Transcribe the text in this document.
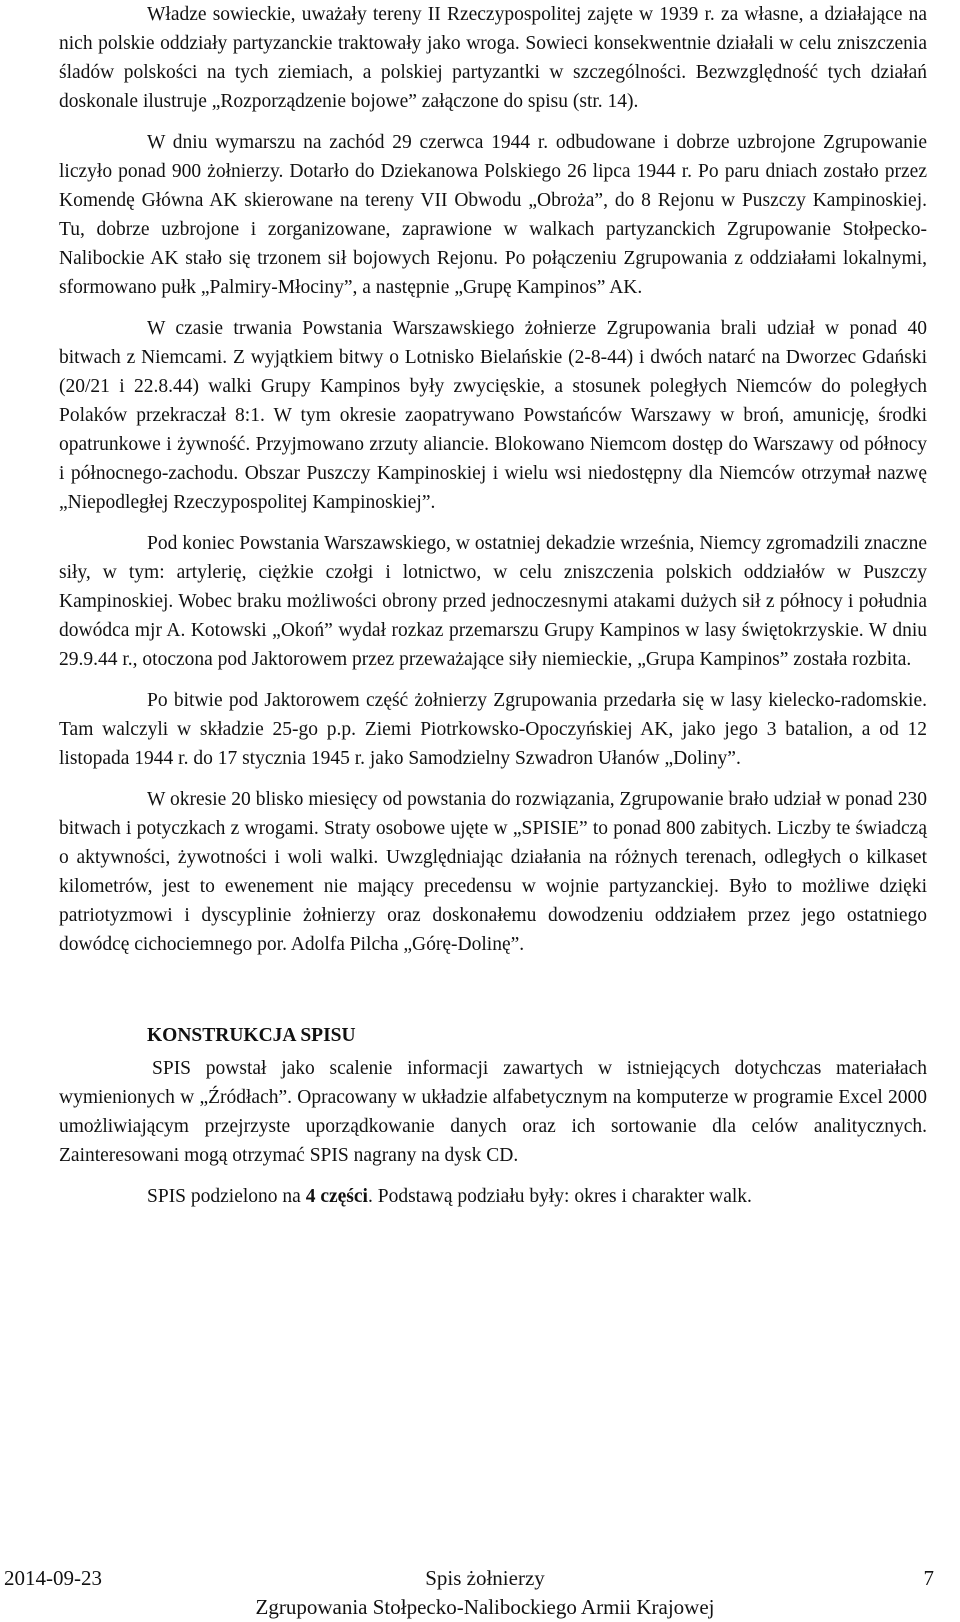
Władze sowieckie, uważały tereny II Rzeczypospolitej zajęte w 1939 r. za własne, a działające na nich polskie oddziały partyzanckie traktowały jako wroga. Sowieci konsekwentnie działali w celu zniszczenia śladów polskości na tych ziemiach, a polskiej partyzantki w szczególności. Bezwzględność tych działań doskonale ilustruje „Rozporządzenie bojowe” załączone do spisu (str. 14).

W dniu wymarszu na zachód 29 czerwca 1944 r. odbudowane i dobrze uzbrojone Zgrupowanie liczyło ponad 900 żołnierzy. Dotarło do Dziekanowa Polskiego 26 lipca 1944 r. Po paru dniach zostało przez Komendę Główna AK skierowane na tereny VII Obwodu „Obroża”, do 8 Rejonu w Puszczy Kampinoskiej. Tu, dobrze uzbrojone i zorganizowane, zaprawione w walkach partyzanckich Zgrupowanie Stołpecko-Nalibockie AK stało się trzonem sił bojowych Rejonu. Po połączeniu Zgrupowania z oddziałami lokalnymi, sformowano pułk „Palmiry-Młociny”, a następnie „Grupę Kampinos” AK.

W czasie trwania Powstania Warszawskiego żołnierze Zgrupowania brali udział w ponad 40 bitwach z Niemcami. Z wyjątkiem bitwy o Lotnisko Bielańskie (2-8-44) i dwóch natarć na Dworzec Gdański (20/21 i 22.8.44) walki Grupy Kampinos były zwycięskie, a stosunek poległych Niemców do poległych Polaków przekraczał 8:1. W tym okresie zaopatrywano Powstańców Warszawy w broń, amunicję, środki opatrunkowe i żywność. Przyjmowano zrzuty aliancie. Blokowano Niemcom dostęp do Warszawy od północy i północnego-zachodu. Obszar Puszczy Kampinoskiej i wielu wsi niedostępny dla Niemców otrzymał nazwę „Niepodległej Rzeczypospolitej Kampinoskiej”.

Pod koniec Powstania Warszawskiego, w ostatniej dekadzie września, Niemcy zgromadzili znaczne siły, w tym: artylerię, ciężkie czołgi i lotnictwo, w celu zniszczenia polskich oddziałów w Puszczy Kampinoskiej. Wobec braku możliwości obrony przed jednoczesnymi atakami dużych sił z północy i południa dowódca mjr A. Kotowski „Okoń” wydał rozkaz przemarszu Grupy Kampinos w lasy świętokrzyskie. W dniu 29.9.44 r., otoczona pod Jaktorowem przez przeważające siły niemieckie, „Grupa Kampinos” została rozbita.

Po bitwie pod Jaktorowem część żołnierzy Zgrupowania przedarła się w lasy kielecko-radomskie. Tam walczyli w składzie 25-go p.p. Ziemi Piotrkowsko-Opoczyńskiej AK, jako jego 3 batalion, a od 12 listopada 1944 r. do 17 stycznia 1945 r. jako Samodzielny Szwadron Ułanów „Doliny”.

W okresie 20 blisko miesięcy od powstania do rozwiązania, Zgrupowanie brało udział w ponad 230 bitwach i potyczkach z wrogami. Straty osobowe ujęte w „SPISIE” to ponad 800 zabitych. Liczby te świadczą o aktywności, żywotności i woli walki. Uwzględniając działania na różnych terenach, odległych o kilkaset kilometrów, jest to ewenement nie mający precedensu w wojnie partyzanckiej. Było to możliwe dzięki patriotyzmowi i dyscyplinie żołnierzy oraz doskonałemu dowodzeniu oddziałem przez jego ostatniego dowódcę cichociemnego por. Adolfa Pilcha „Górę-Dolinę”.

KONSTRUKCJA SPISU

SPIS powstał jako scalenie informacji zawartych w istniejących dotychczas materiałach wymienionych w „Źródłach”. Opracowany w układzie alfabetycznym na komputerze w programie Excel 2000 umożliwiającym przejrzyste uporządkowanie danych oraz ich sortowanie dla celów analitycznych. Zainteresowani mogą otrzymać SPIS nagrany na dysk CD.

SPIS podzielono na 4 części. Podstawą podziału były: okres i charakter walk.

Spis żołnierzy
2014-09-23	7
Zgrupowania Stołpecko-Nalibockiego Armii Krajowej
